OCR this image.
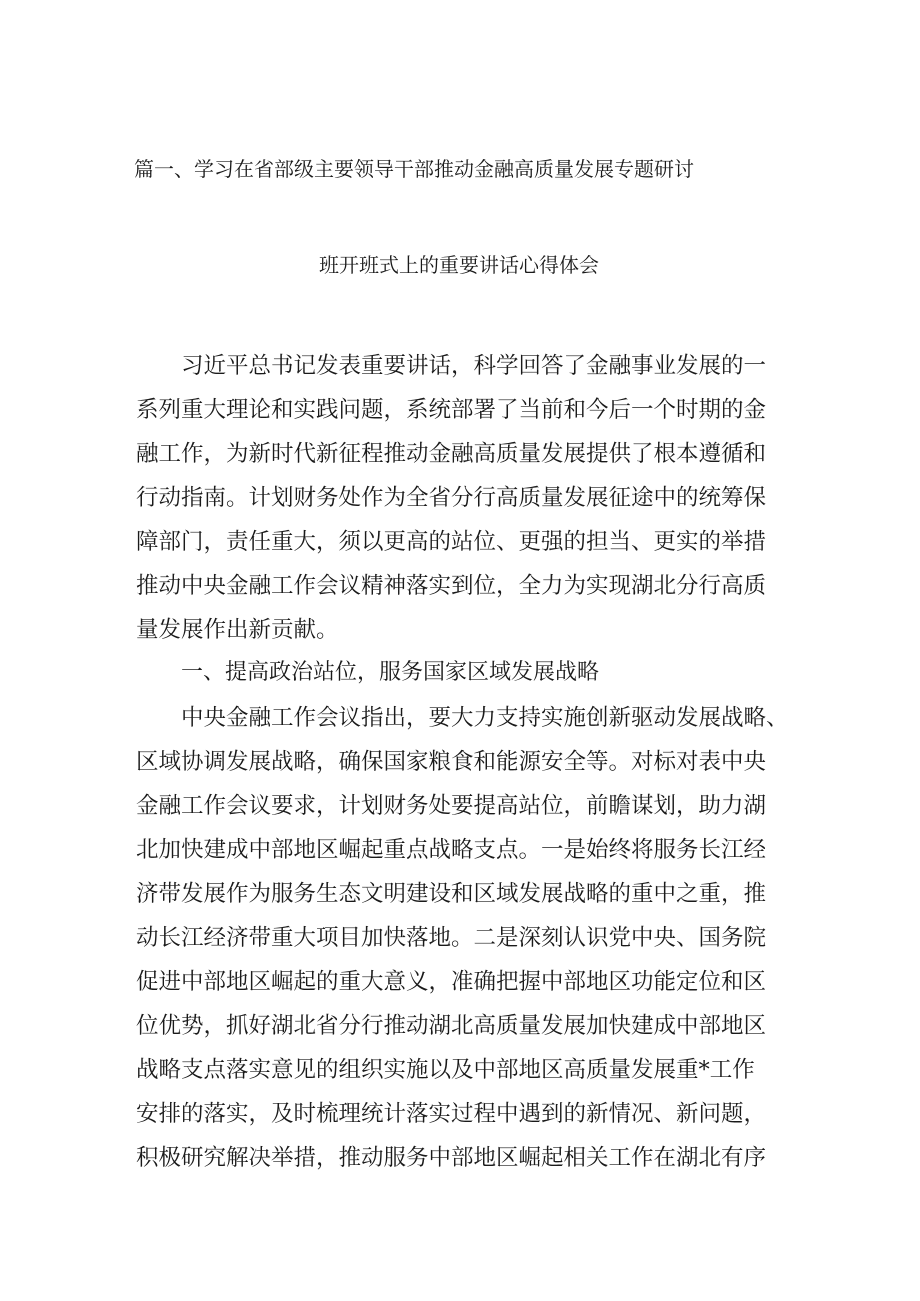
篇一、学习在省部级主要领导干部推动金融高质量发展专题研讨
班开班式上的重要讲话心得体会
习近平总书记发表重要讲话，科学回答了金融事业发展的一
系列重大理论和实践问题，系统部署了当前和今后一个时期的金
融工作，为新时代新征程推动金融高质量发展提供了根本遵循和
行动指南。计划财务处作为全省分行高质量发展征途中的统筹保
障部门，责任重大，须以更高的站位、更强的担当、更实的举措
推动中央金融工作会议精神落实到位，全力为实现湖北分行高质
量发展作出新贡献。
一、提高政治站位，服务国家区域发展战略
中央金融工作会议指出，要大力支持实施创新驱动发展战略、
区域协调发展战略，确保国家粮食和能源安全等。对标对表中央
金融工作会议要求，计划财务处要提高站位，前瞻谋划，助力湖
北加快建成中部地区崛起重点战略支点。一是始终将服务长江经
济带发展作为服务生态文明建设和区域发展战略的重中之重，推
动长江经济带重大项目加快落地。二是深刻认识党中央、国务院
促进中部地区崛起的重大意义，准确把握中部地区功能定位和区
位优势，抓好湖北省分行推动湖北高质量发展加快建成中部地区
战略支点落实意见的组织实施以及中部地区高质量发展重*工作
安排的落实，及时梳理统计落实过程中遇到的新情况、新问题，
积极研究解决举措，推动服务中部地区崛起相关工作在湖北有序
